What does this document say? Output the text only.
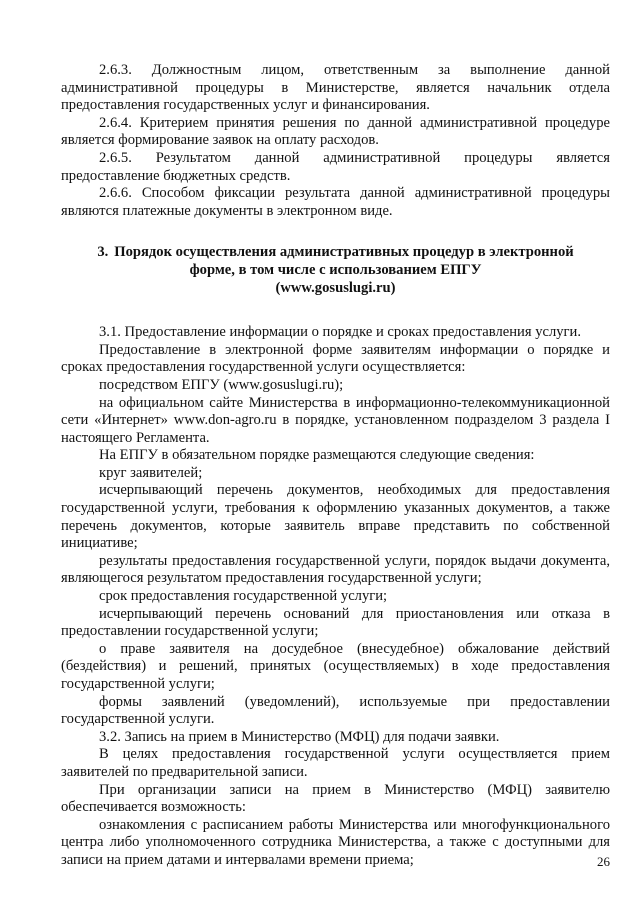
2.6.3. Должностным лицом, ответственным за выполнение данной административной процедуры в Министерстве, является начальник отдела предоставления государственных услуг и финансирования.

2.6.4. Критерием принятия решения по данной административной процедуре является формирование заявок на оплату расходов.

2.6.5. Результатом данной административной процедуры является предоставление бюджетных средств.

2.6.6. Способом фиксации результата данной административной процедуры являются платежные документы в электронном виде.

3. Порядок осуществления административных процедур в электронной
форме, в том числе с использованием ЕПГУ
(www.gosuslugi.ru)

3.1. Предоставление информации о порядке и сроках предоставления услуги.

Предоставление в электронной форме заявителям информации о порядке и сроках предоставления государственной услуги осуществляется:

посредством ЕПГУ (www.gosuslugi.ru);

на официальном сайте Министерства в информационно-телекоммуникационной сети «Интернет» www.don-agro.ru в порядке, установленном подразделом 3 раздела I настоящего Регламента.

На ЕПГУ в обязательном порядке размещаются следующие сведения:

круг заявителей;

исчерпывающий перечень документов, необходимых для предоставления государственной услуги, требования к оформлению указанных документов, а также перечень документов, которые заявитель вправе представить по собственной инициативе;

результаты предоставления государственной услуги, порядок выдачи документа, являющегося результатом предоставления государственной услуги;

срок предоставления государственной услуги;

исчерпывающий перечень оснований для приостановления или отказа в предоставлении государственной услуги;

о праве заявителя на досудебное (внесудебное) обжалование действий (бездействия) и решений, принятых (осуществляемых) в ходе предоставления государственной услуги;

формы заявлений (уведомлений), используемые при предоставлении государственной услуги.

3.2. Запись на прием в Министерство (МФЦ) для подачи заявки.

В целях предоставления государственной услуги осуществляется прием заявителей по предварительной записи.

При организации записи на прием в Министерство (МФЦ) заявителю обеспечивается возможность:

ознакомления с расписанием работы Министерства или многофункционального центра либо уполномоченного сотрудника Министерства, а также с доступными для записи на прием датами и интервалами времени приема;	26
